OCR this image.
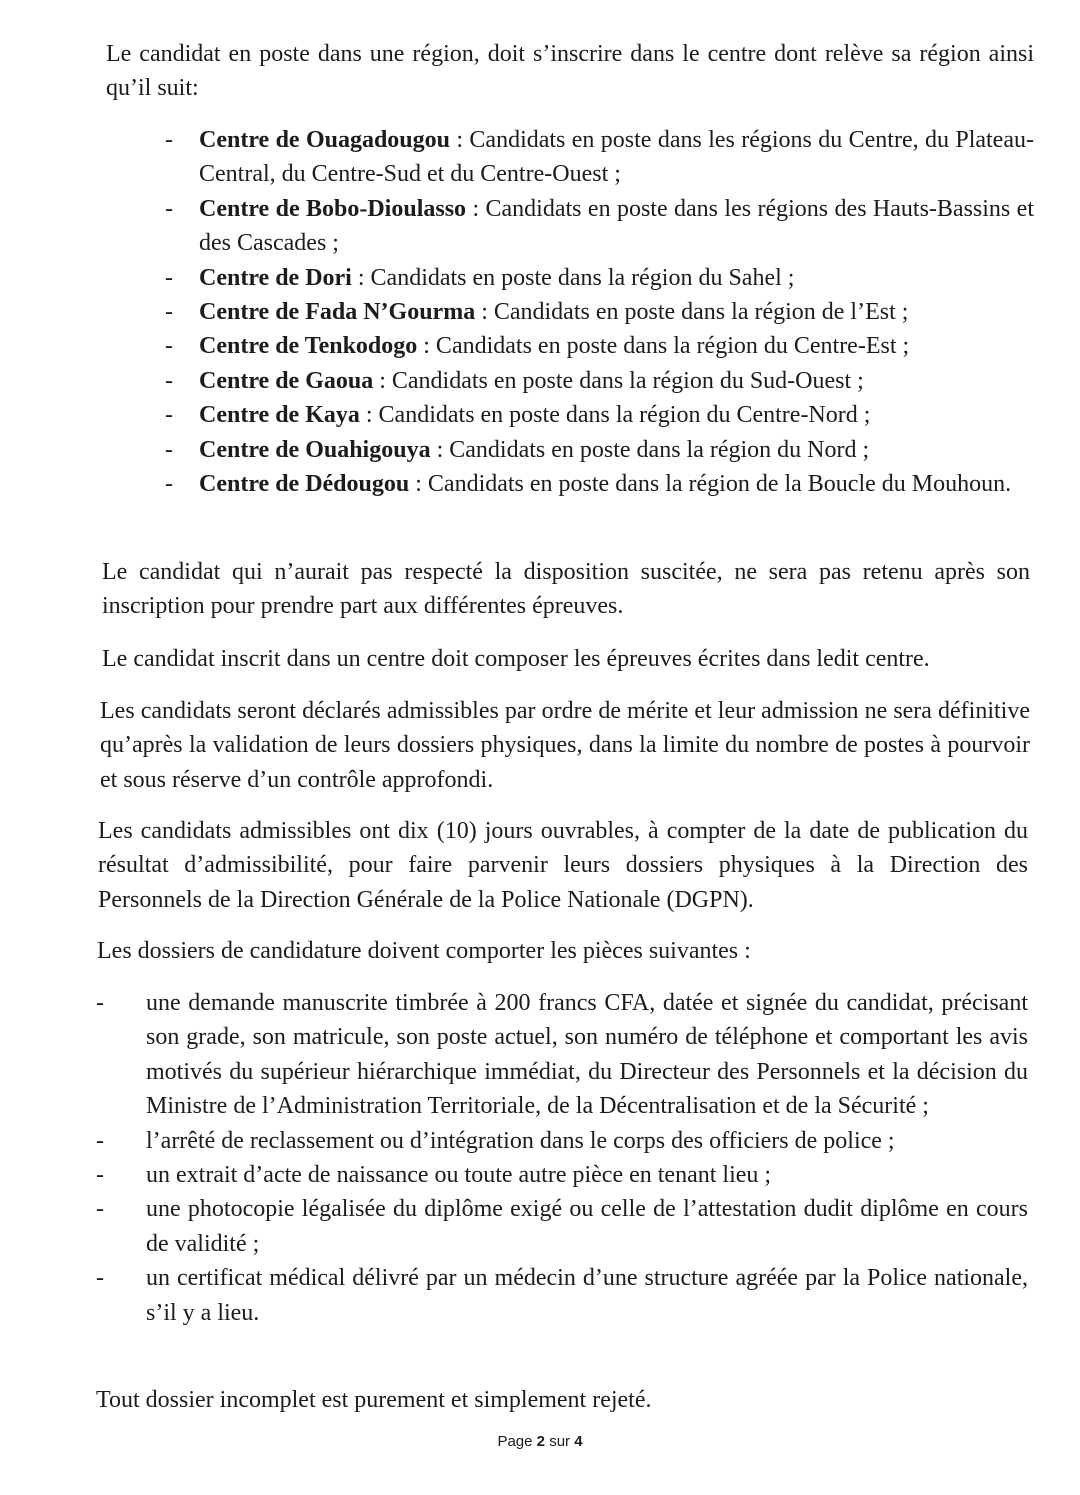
Le candidat en poste dans une région, doit s’inscrire dans le centre dont relève sa région ainsi qu’il suit:

- Centre de Ouagadougou : Candidats en poste dans les régions du Centre, du Plateau-Central, du Centre-Sud et du Centre-Ouest ;
- Centre de Bobo-Dioulasso : Candidats en poste dans les régions des Hauts-Bassins et des Cascades ;
- Centre de Dori : Candidats en poste dans la région du Sahel ;
- Centre de Fada N’Gourma : Candidats en poste dans la région de l’Est ;
- Centre de Tenkodogo : Candidats en poste dans la région du Centre-Est ;
- Centre de Gaoua : Candidats en poste dans la région du Sud-Ouest ;
- Centre de Kaya : Candidats en poste dans la région du Centre-Nord ;
- Centre de Ouahigouya : Candidats en poste dans la région du Nord ;
- Centre de Dédougou : Candidats en poste dans la région de la Boucle du Mouhoun.

Le candidat qui n’aurait pas respecté la disposition suscitée, ne sera pas retenu après son inscription pour prendre part aux différentes épreuves.

Le candidat inscrit dans un centre doit composer les épreuves écrites dans ledit centre.

Les candidats seront déclarés admissibles par ordre de mérite et leur admission ne sera définitive qu’après la validation de leurs dossiers physiques, dans la limite du nombre de postes à pourvoir et sous réserve d’un contrôle approfondi.

Les candidats admissibles ont dix (10) jours ouvrables, à compter de la date de publication du résultat d’admissibilité, pour faire parvenir leurs dossiers physiques à la Direction des Personnels de la Direction Générale de la Police Nationale (DGPN).

Les dossiers de candidature doivent comporter les pièces suivantes :

- une demande manuscrite timbrée à 200 francs CFA, datée et signée du candidat, précisant son grade, son matricule, son poste actuel, son numéro de téléphone et comportant les avis motivés du supérieur hiérarchique immédiat, du Directeur des Personnels et la décision du Ministre de l’Administration Territoriale, de la Décentralisation et de la Sécurité ;
- l’arrêté de reclassement ou d’intégration dans le corps des officiers de police ;
- un extrait d’acte de naissance ou toute autre pièce en tenant lieu ;
- une photocopie légalisée du diplôme exigé ou celle de l’attestation dudit diplôme en cours de validité ;
- un certificat médical délivré par un médecin d’une structure agréée par la Police nationale, s’il y a lieu.

Tout dossier incomplet est purement et simplement rejeté.

Page 2 sur 4
